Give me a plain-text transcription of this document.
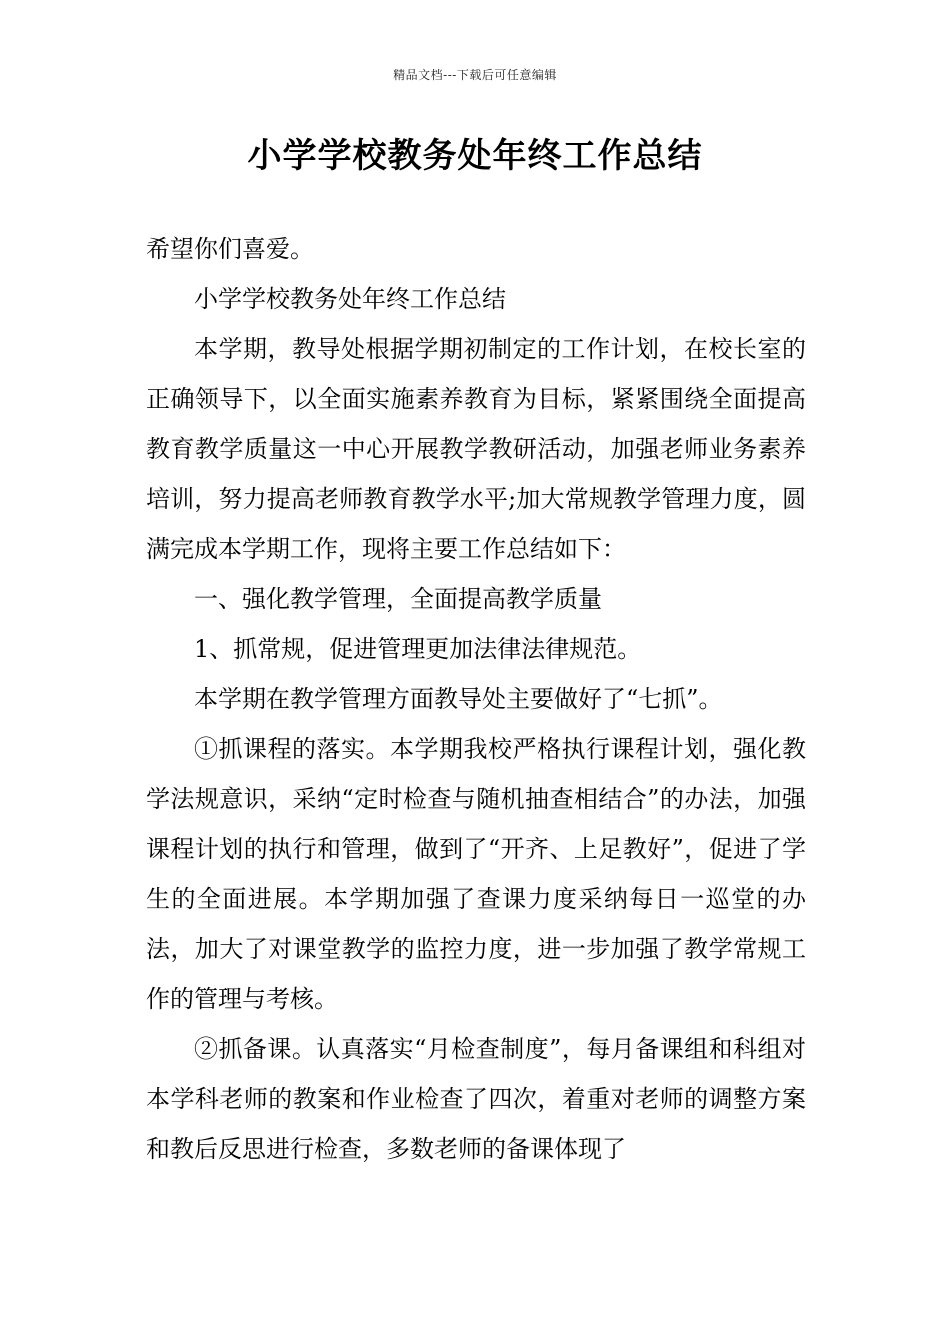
精品文档---下载后可任意编辑
小学学校教务处年终工作总结

希望你们喜爱。

小学学校教务处年终工作总结

本学期，教导处根据学期初制定的工作计划，在校长室的正确领导下，以全面实施素养教育为目标，紧紧围绕全面提高教育教学质量这一中心开展教学教研活动，加强老师业务素养培训，努力提高老师教育教学水平;加大常规教学管理力度，圆满完成本学期工作，现将主要工作总结如下：

一、强化教学管理，全面提高教学质量

1、抓常规，促进管理更加法律法律规范。

本学期在教学管理方面教导处主要做好了“七抓”。

①抓课程的落实。本学期我校严格执行课程计划，强化教学法规意识，采纳“定时检查与随机抽查相结合”的办法，加强课程计划的执行和管理，做到了“开齐、上足教好”，促进了学生的全面进展。本学期加强了查课力度采纳每日一巡堂的办法，加大了对课堂教学的监控力度，进一步加强了教学常规工作的管理与考核。

②抓备课。认真落实“月检查制度”，每月备课组和科组对本学科老师的教案和作业检查了四次，着重对老师的调整方案和教后反思进行检查，多数老师的备课体现了
